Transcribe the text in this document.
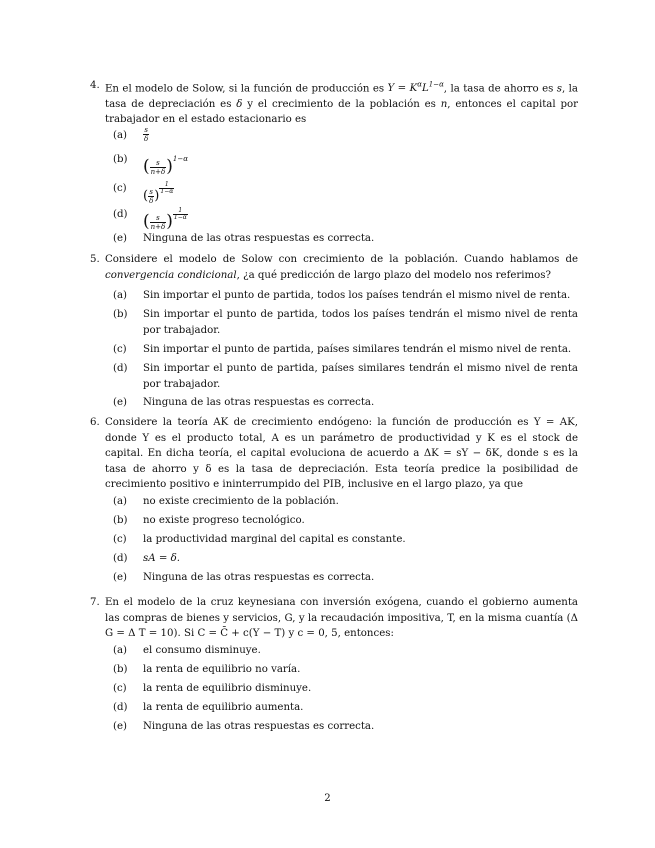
4. En el modelo de Solow, si la función de producción es $Y = K^\alpha L^{1-\alpha}$, la tasa de ahorro es s, la tasa de depreciación es δ y el crecimiento de la población es n, entonces el capital por trabajador en el estado estacionario es
$(a) \frac{s}{\delta}$
(b) ( $\frac{s}{n+\delta} )^{1-\alpha}$
(c) ( $\frac{s}{\delta}$ )
$^{\frac{1}{1-\alpha}}$
(d) ( $\frac{s}{n+\delta}$ ) $^{\frac{1}{1-\alpha}}$
(e) Ninguna de las otras respuestas es correcta.
5. Considere el modelo de Solow con crecimiento de la población. Cuando hablamos de convergencia condicional, ¿a qué predicción de largo plazo del modelo nos referimos?
(a) Sin importar el punto de partida, todos los países tendrán el mismo nivel de renta.
(b) Sin importar el punto de partida, todos los países tendrán el mismo nivel de renta por trabajador.
(c) Sin importar el punto de partida, países similares tendrán el mismo nivel de renta.
(d) Sin importar el punto de partida, países similares tendrán el mismo nivel de renta por trabajador.
(e) Ninguna de las otras respuestas es correcta.
6. Considere la teoría AK de crecimiento endógeno: la función de producción es Y = AK, donde Y es el producto total, A es un parámetro de productividad y K es el stock de capital. En dicha teoría, el capital evoluciona de acuerdo a ΔK = sY − δK, donde s es la tasa de ahorro y δ es la tasa de depreciación. Esta teoría predice la posibilidad de crecimiento positivo e ininterrumpido del PIB, inclusive en el largo plazo, ya que
(a) no existe crecimiento de la población.
(b) no existe progreso tecnológico.
(c) la productividad marginal del capital es constante.
(d) sA = δ.
(e) Ninguna de las otras respuestas es correcta.
7. En el modelo de la cruz keynesiana con inversión exógena, cuando el gobierno aumenta las compras de bienes y servicios, G, y la recaudación impositiva, T, en la misma cuantía (Δ G = Δ T = 10). Si C = C̄ + c(Y − T) y c = 0, 5, entonces:
(a) el consumo disminuye.
(b) la renta de equilibrio no varía.
(c) la renta de equilibrio disminuye.
(d) la renta de equilibrio aumenta.
(e) Ninguna de las otras respuestas es correcta.
2
